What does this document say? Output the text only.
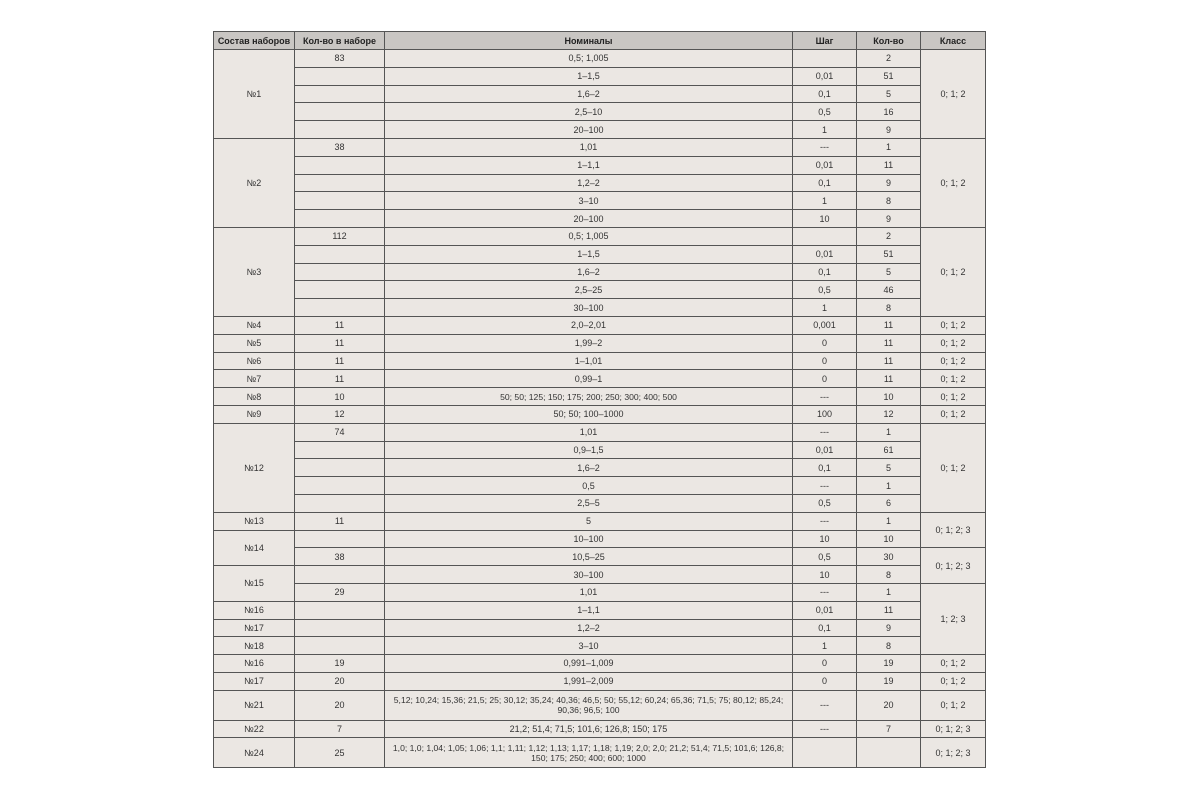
Состав наборов	Кол-во в наборе	Номиналы	Шаг	Кол-во	Класс
№1	83	0,5; 1,005		2	0; 1; 2
		1–1,5	0,01	51	
		1,6–2	0,1	5	
		2,5–10	0,5	16	
		20–100	1	9	
№2	38	1,01	---	1	0; 1; 2
		1–1,1	0,01	11	
		1,2–2	0,1	9	
		3–10	1	8	
		20–100	10	9	
№3	112	0,5; 1,005		2	0; 1; 2
		1–1,5	0,01	51	
		1,6–2	0,1	5	
		2,5–25	0,5	46	
		30–100	1	8	
№4	11	2,0–2,01	0,001	11	0; 1; 2
№5	11	1,99–2	0	11	0; 1; 2
№6	11	1–1,01	0	11	0; 1; 2
№7	11	0,99–1	0	11	0; 1; 2
№8	10	50; 50; 125; 150; 175; 200; 250; 300; 400; 500	---	10	0; 1; 2
№9	12	50; 50; 100–1000	100	12	0; 1; 2
№12	74	1,01	---	1	0; 1; 2
		0,9–1,5	0,01	61	
		1,6–2	0,1	5	
		0,5	---	1	
		2,5–5	0,5	6	
№13	11	5	---	1	0; 1; 2; 3
№14		10–100	10	10	
	38	10,5–25	0,5	30	0; 1; 2; 3
№15		30–100	10	8	
	29	1,01	---	1	1; 2; 3
№16		1–1,1	0,01	11	
№17		1,2–2	0,1	9	
№18		3–10	1	8	
№16	19	0,991–1,009	0	19	0; 1; 2
№17	20	1,991–2,009	0	19	0; 1; 2
№21	20	5,12; 10,24; 15,36; 21,5; 25; 30,12; 35,24; 40,36; 46,5; 50; 55,12; 60,24; 65,36; 71,5; 75; 80,12; 85,24; 90,36; 96,5; 100	---	20	0; 1; 2
№22	7	21,2; 51,4; 71,5; 101,6; 126,8; 150; 175	---	7	0; 1; 2; 3
№24	25	1,0; 1,0; 1,04; 1,05; 1,06; 1,1; 1,11; 1,12; 1,13; 1,17; 1,18; 1,19; 2,0; 2,0; 21,2; 51,4; 71,5; 101,6; 126,8; 150; 175; 250; 400; 600; 1000			0; 1; 2; 3
